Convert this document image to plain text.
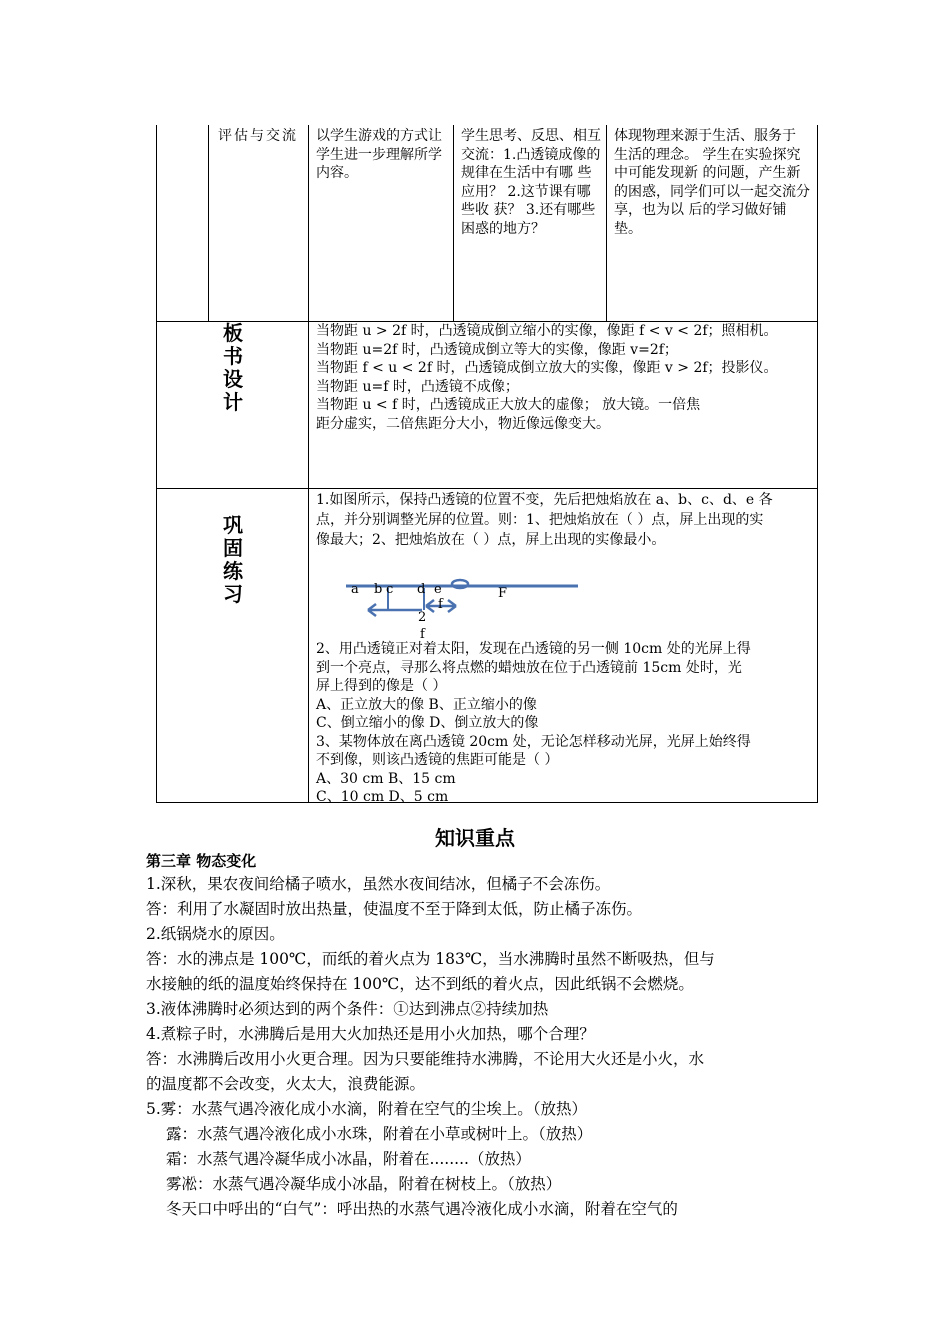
评估与交流	以学生游戏的方式让学生进一步理解所学内容。
学生思考、反思、相互交流：1.凸透镜成像的 规律在生活中有哪 些应用？ 2.这节课有哪些收 获？ 3.还有哪些困惑的地方？
体现物理来源于生活、服务于 生活的理念。 学生在实验探究中可能发现新 的问题，产生新的困惑，同学们可以一起交流分享，也为以 后的学习做好铺垫。
板
书
设
计
当物距 u > 2f 时，凸透镜成倒立缩小的实像，像距 f < v < 2f；照相机。
当物距 u=2f 时，凸透镜成倒立等大的实像，像距 v=2f；
当物距 f < u < 2f 时，凸透镜成倒立放大的实像，像距 v > 2f；投影仪。
当物距 u=f 时，凸透镜不成像；
当物距 u < f 时，凸透镜成正大放大的虚像； 放大镜。一倍焦
距分虚实，二倍焦距分大小，物近像远像变大。
巩
固
练
习
1.如图所示，保持凸透镜的位置不变，先后把烛焰放在 a、b、c、d、e 各
点，并分别调整光屏的位置。则：1、把烛焰放在（ ）点，屏上出现的实
像最大；2、把烛焰放在（ ）点，屏上出现的实像最小。
a b c d e
f
2
f
F
2、用凸透镜正对着太阳，发现在凸透镜的另一侧 10cm 处的光屏上得
到一个亮点，寻那么将点燃的蜡烛放在位于凸透镜前 15cm 处时，光
屏上得到的像是（ ）
A、正立放大的像 B、正立缩小的像
C、倒立缩小的像 D、倒立放大的像
3、某物体放在离凸透镜 20cm 处，无论怎样移动光屏，光屏上始终得
不到像，则该凸透镜的焦距可能是（ ）
A、30 cm B、15 cm
C、10 cm D、5 cm
知识重点
第三章 物态变化

1.深秋，果农夜间给橘子喷水，虽然水夜间结冰，但橘子不会冻伤。

答：利用了水凝固时放出热量，使温度不至于降到太低，防止橘子冻伤。

2.纸锅烧水的原因。

答：水的沸点是 100℃，而纸的着火点为 183℃，当水沸腾时虽然不断吸热，但与

水接触的纸的温度始终保持在 100℃，达不到纸的着火点，因此纸锅不会燃烧。

3.液体沸腾时必须达到的两个条件：①达到沸点②持续加热

4.煮粽子时，水沸腾后是用大火加热还是用小火加热，哪个合理？

答：水沸腾后改用小火更合理。因为只要能维持水沸腾，不论用大火还是小火，水

的温度都不会改变，火太大，浪费能源。

5.雾：水蒸气遇冷液化成小水滴，附着在空气的尘埃上。（放热）

露：水蒸气遇冷液化成小水珠，附着在小草或树叶上。（放热）

霜：水蒸气遇冷凝华成小冰晶，附着在........（放热）

雾凇：水蒸气遇冷凝华成小冰晶，附着在树枝上。（放热）

冬天口中呼出的“白气”：呼出热的水蒸气遇冷液化成小水滴，附着在空气的
